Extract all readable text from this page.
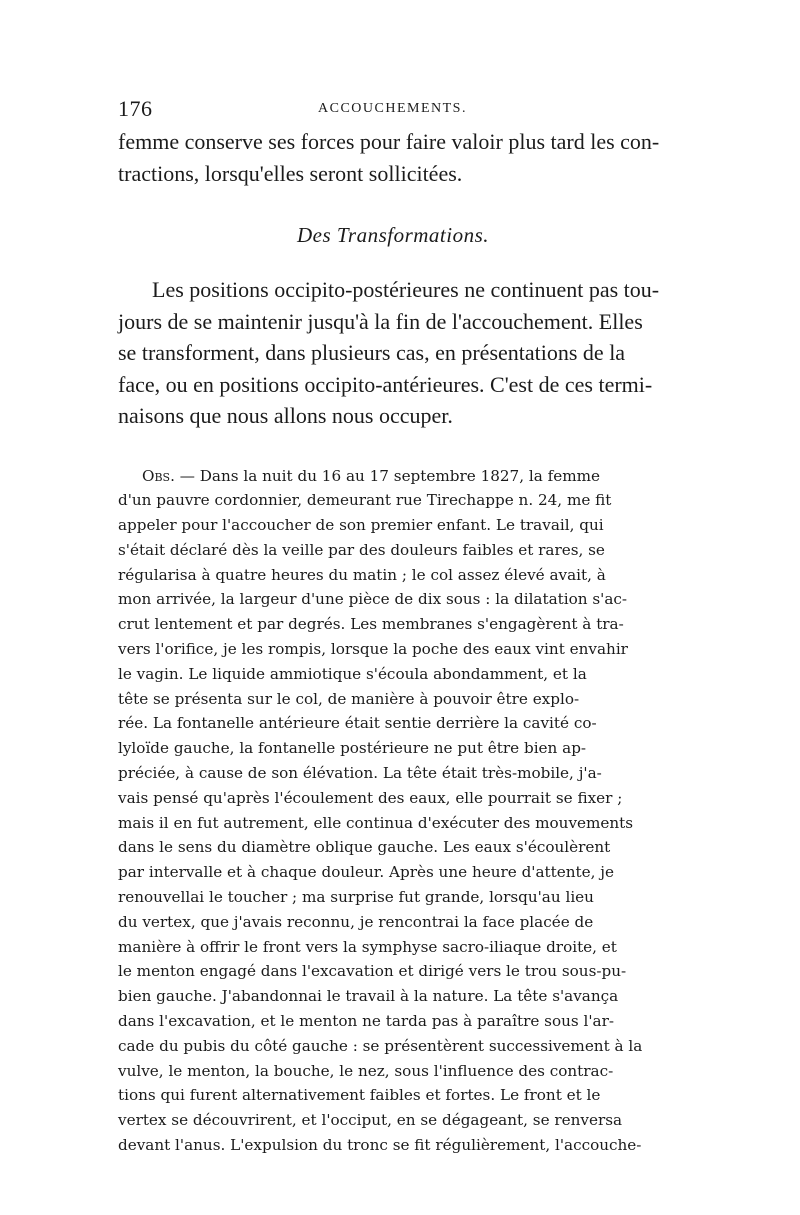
176	ACCOUCHEMENTS.
femme conserve ses forces pour faire valoir plus tard les con-
tractions, lorsqu'elles seront sollicitées.
Des Transformations.
Les positions occipito-postérieures ne continuent pas tou-
jours de se maintenir jusqu'à la fin de l'accouchement. Elles
se transforment, dans plusieurs cas, en présentations de la
face, ou en positions occipito-antérieures. C'est de ces termi-
naisons que nous allons nous occuper.
Obs. — Dans la nuit du 16 au 17 septembre 1827, la femme
d'un pauvre cordonnier, demeurant rue Tirechappe n. 24, me fit
appeler pour l'accoucher de son premier enfant. Le travail, qui
s'était déclaré dès la veille par des douleurs faibles et rares, se
régularisa à quatre heures du matin ; le col assez élevé avait, à
mon arrivée, la largeur d'une pièce de dix sous : la dilatation s'ac-
crut lentement et par degrés. Les membranes s'engagèrent à tra-
vers l'orifice, je les rompis, lorsque la poche des eaux vint envahir
le vagin. Le liquide ammiotique s'écoula abondamment, et la
tête se présenta sur le col, de manière à pouvoir être explo-
rée. La fontanelle antérieure était sentie derrière la cavité co-
lyloïde gauche, la fontanelle postérieure ne put être bien ap-
préciée, à cause de son élévation. La tête était très-mobile, j'a-
vais pensé qu'après l'écoulement des eaux, elle pourrait se fixer ;
mais il en fut autrement, elle continua d'exécuter des mouvements
dans le sens du diamètre oblique gauche. Les eaux s'écoulèrent
par intervalle et à chaque douleur. Après une heure d'attente, je
renouvellai le toucher ; ma surprise fut grande, lorsqu'au lieu
du vertex, que j'avais reconnu, je rencontrai la face placée de
manière à offrir le front vers la symphyse sacro-iliaque droite, et
le menton engagé dans l'excavation et dirigé vers le trou sous-pu-
bien gauche. J'abandonnai le travail à la nature. La tête s'avança
dans l'excavation, et le menton ne tarda pas à paraître sous l'ar-
cade du pubis du côté gauche : se présentèrent successivement à la
vulve, le menton, la bouche, le nez, sous l'influence des contrac-
tions qui furent alternativement faibles et fortes. Le front et le
vertex se découvrirent, et l'occiput, en se dégageant, se renversa
devant l'anus. L'expulsion du tronc se fit régulièrement, l'accouche-
